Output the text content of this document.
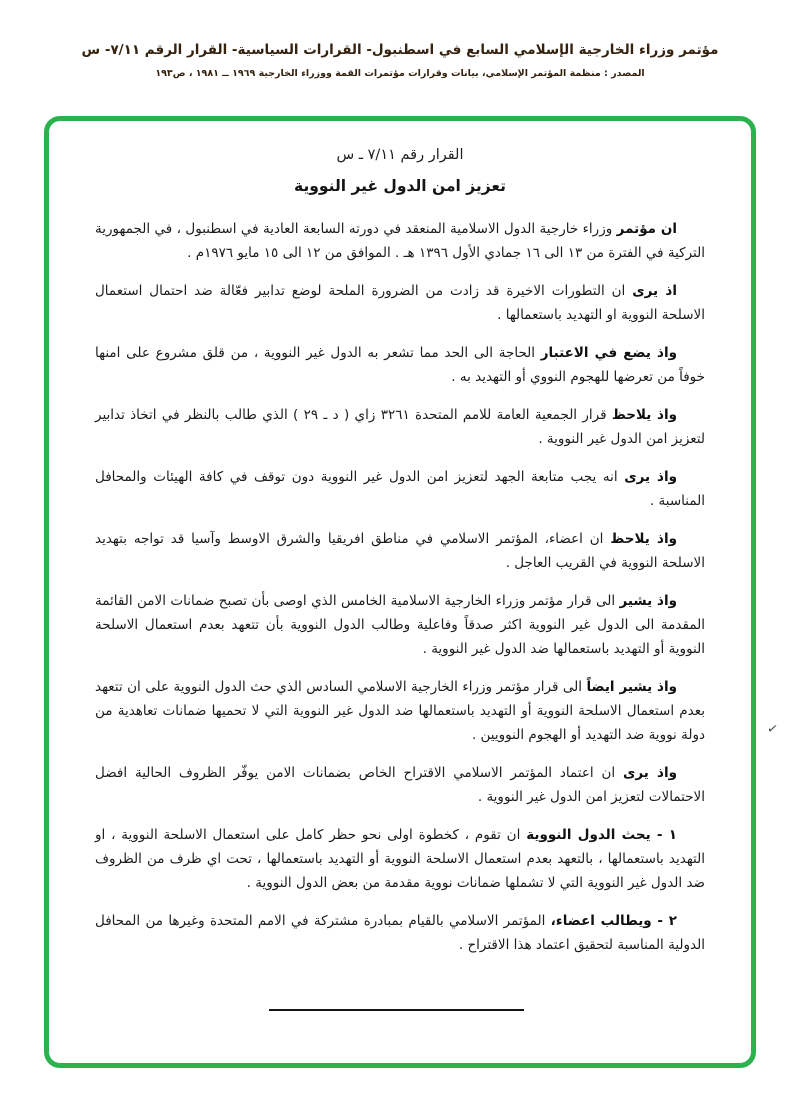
مؤتمر وزراء الخارجية الإسلامي السابع في اسطنبول- القرارات السياسية- القرار الرقم ٧/١١- س
المصدر : منظمة المؤتمر الإسلامي، بيانات وقرارات مؤتمرات القمة ووزراء الخارجية ١٩٦٩ ــ ١٩٨١ ، ص١٩٣
القرار رقم ٧/١١ ـ س
تعزيز امن الدول غير النووية

ان مؤتمر وزراء خارجية الدول الاسلامية المنعقد في دورته السابعة العادية في اسطنبول ، في الجمهورية التركية في الفترة من ١٣ الى ١٦ جمادي الأول ١٣٩٦ هـ . الموافق من ١٢ الى ١٥ مايو ١٩٧٦م .

اذ يرى ان التطورات الاخيرة قد زادت من الضرورة الملحة لوضع تدابير فعّالة ضد احتمال استعمال الاسلحة النووية او التهديد باستعمالها .

واذ يضع في الاعتبار الحاجة الى الحد مما تشعر به الدول غير النووية ، من قلق مشروع على امنها خوفاً من تعرضها للهجوم النووي أو التهديد به .

واذ يلاحظ قرار الجمعية العامة للامم المتحدة ٣٢٦١ زاي ( د ـ ٢٩ ) الذي طالب بالنظر في اتخاذ تدابير لتعزيز امن الدول غير النووية .

واذ يرى انه يجب متابعة الجهد لتعزيز امن الدول غير النووية دون توقف في كافة الهيئات والمحافل المناسبة .

واذ يلاحظ ان اعضاء، المؤتمر الاسلامي في مناطق افريقيا والشرق الاوسط وآسيا قد تواجه بتهديد الاسلحة النووية في القريب العاجل .

واذ يشير الى قرار مؤتمر وزراء الخارجية الاسلامية الخامس الذي اوصى بأن تصبح ضمانات الامن القائمة المقدمة الى الدول غير النووية اكثر صدقاً وفاعلية وطالب الدول النووية بأن تتعهد بعدم استعمال الاسلحة النووية أو التهديد باستعمالها ضد الدول غير النووية .

واذ يشير ايضاً الى قرار مؤتمر وزراء الخارجية الاسلامي السادس الذي حث الدول النووية على ان تتعهد بعدم استعمال الاسلحة النووية أو التهديد باستعمالها ضد الدول غير النووية التي لا تحميها ضمانات تعاهدية من دولة نووية ضد التهديد أو الهجوم النوويين .

واذ يرى ان اعتماد المؤتمر الاسلامي الاقتراح الخاص بضمانات الامن يوفّر الظروف الحالية افضل الاحتمالات لتعزيز امن الدول غير النووية .

١ - يحث الدول النووية ان تقوم ، كخطوة اولى نحو حظر كامل على استعمال الاسلحة النووية ، او التهديد باستعمالها ، بالتعهد بعدم استعمال الاسلحة النووية أو التهديد باستعمالها ، تحت اي ظرف من الظروف ضد الدول غير النووية التي لا تشملها ضمانات نووية مقدمة من بعض الدول النووية .

٢ - ويطالب اعضاء، المؤتمر الاسلامي بالقيام بمبادرة مشتركة في الامم المتحدة وغيرها من المحافل الدولية المناسبة لتحقيق اعتماد هذا الاقتراح .

✓
